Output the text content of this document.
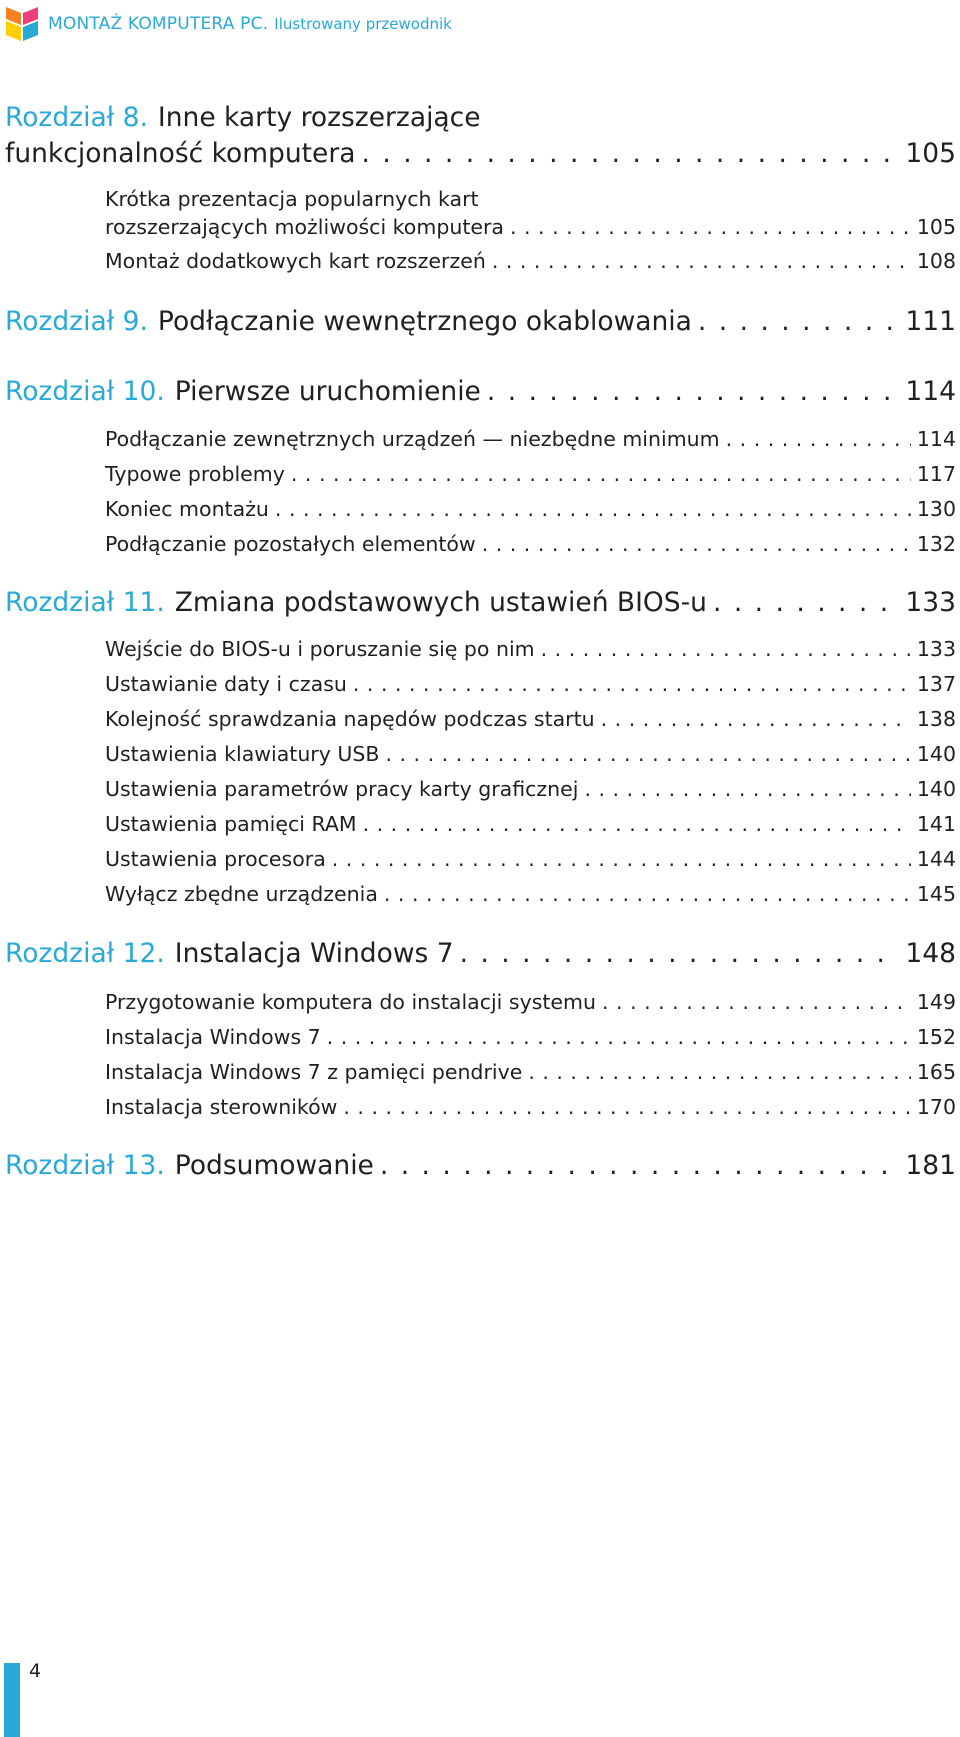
MONTAŻ KOMPUTERA PC. Ilustrowany przewodnik
Rozdział 8. Inne karty rozszerzające
funkcjonalność komputera . . .	105
Krótka prezentacja popularnych kart
rozszerzających możliwości komputera . . .	105
Montaż dodatkowych kart rozszerzeń . . .	108
Rozdział 9. Podłączanie wewnętrznego okablowania . . .	111
Rozdział 10. Pierwsze uruchomienie . . .	114
Podłączanie zewnętrznych urządzeń — niezbędne minimum . . .	114
Typowe problemy . . .	117
Koniec montażu . . .	130
Podłączanie pozostałych elementów . . .	132
Rozdział 11. Zmiana podstawowych ustawień BIOS-u . . .	133
Wejście do BIOS-u i poruszanie się po nim . . .	133
Ustawianie daty i czasu . . .	137
Kolejność sprawdzania napędów podczas startu . . .	138
Ustawienia klawiatury USB . . .	140
Ustawienia parametrów pracy karty graficznej . . .	140
Ustawienia pamięci RAM . . .	141
Ustawienia procesora . . .	144
Wyłącz zbędne urządzenia . . .	145
Rozdział 12. Instalacja Windows 7 . . .	148
Przygotowanie komputera do instalacji systemu . . .	149
Instalacja Windows 7 . . .	152
Instalacja Windows 7 z pamięci pendrive . . .	165
Instalacja sterowników . . .	170
Rozdział 13. Podsumowanie . . .	181
4
